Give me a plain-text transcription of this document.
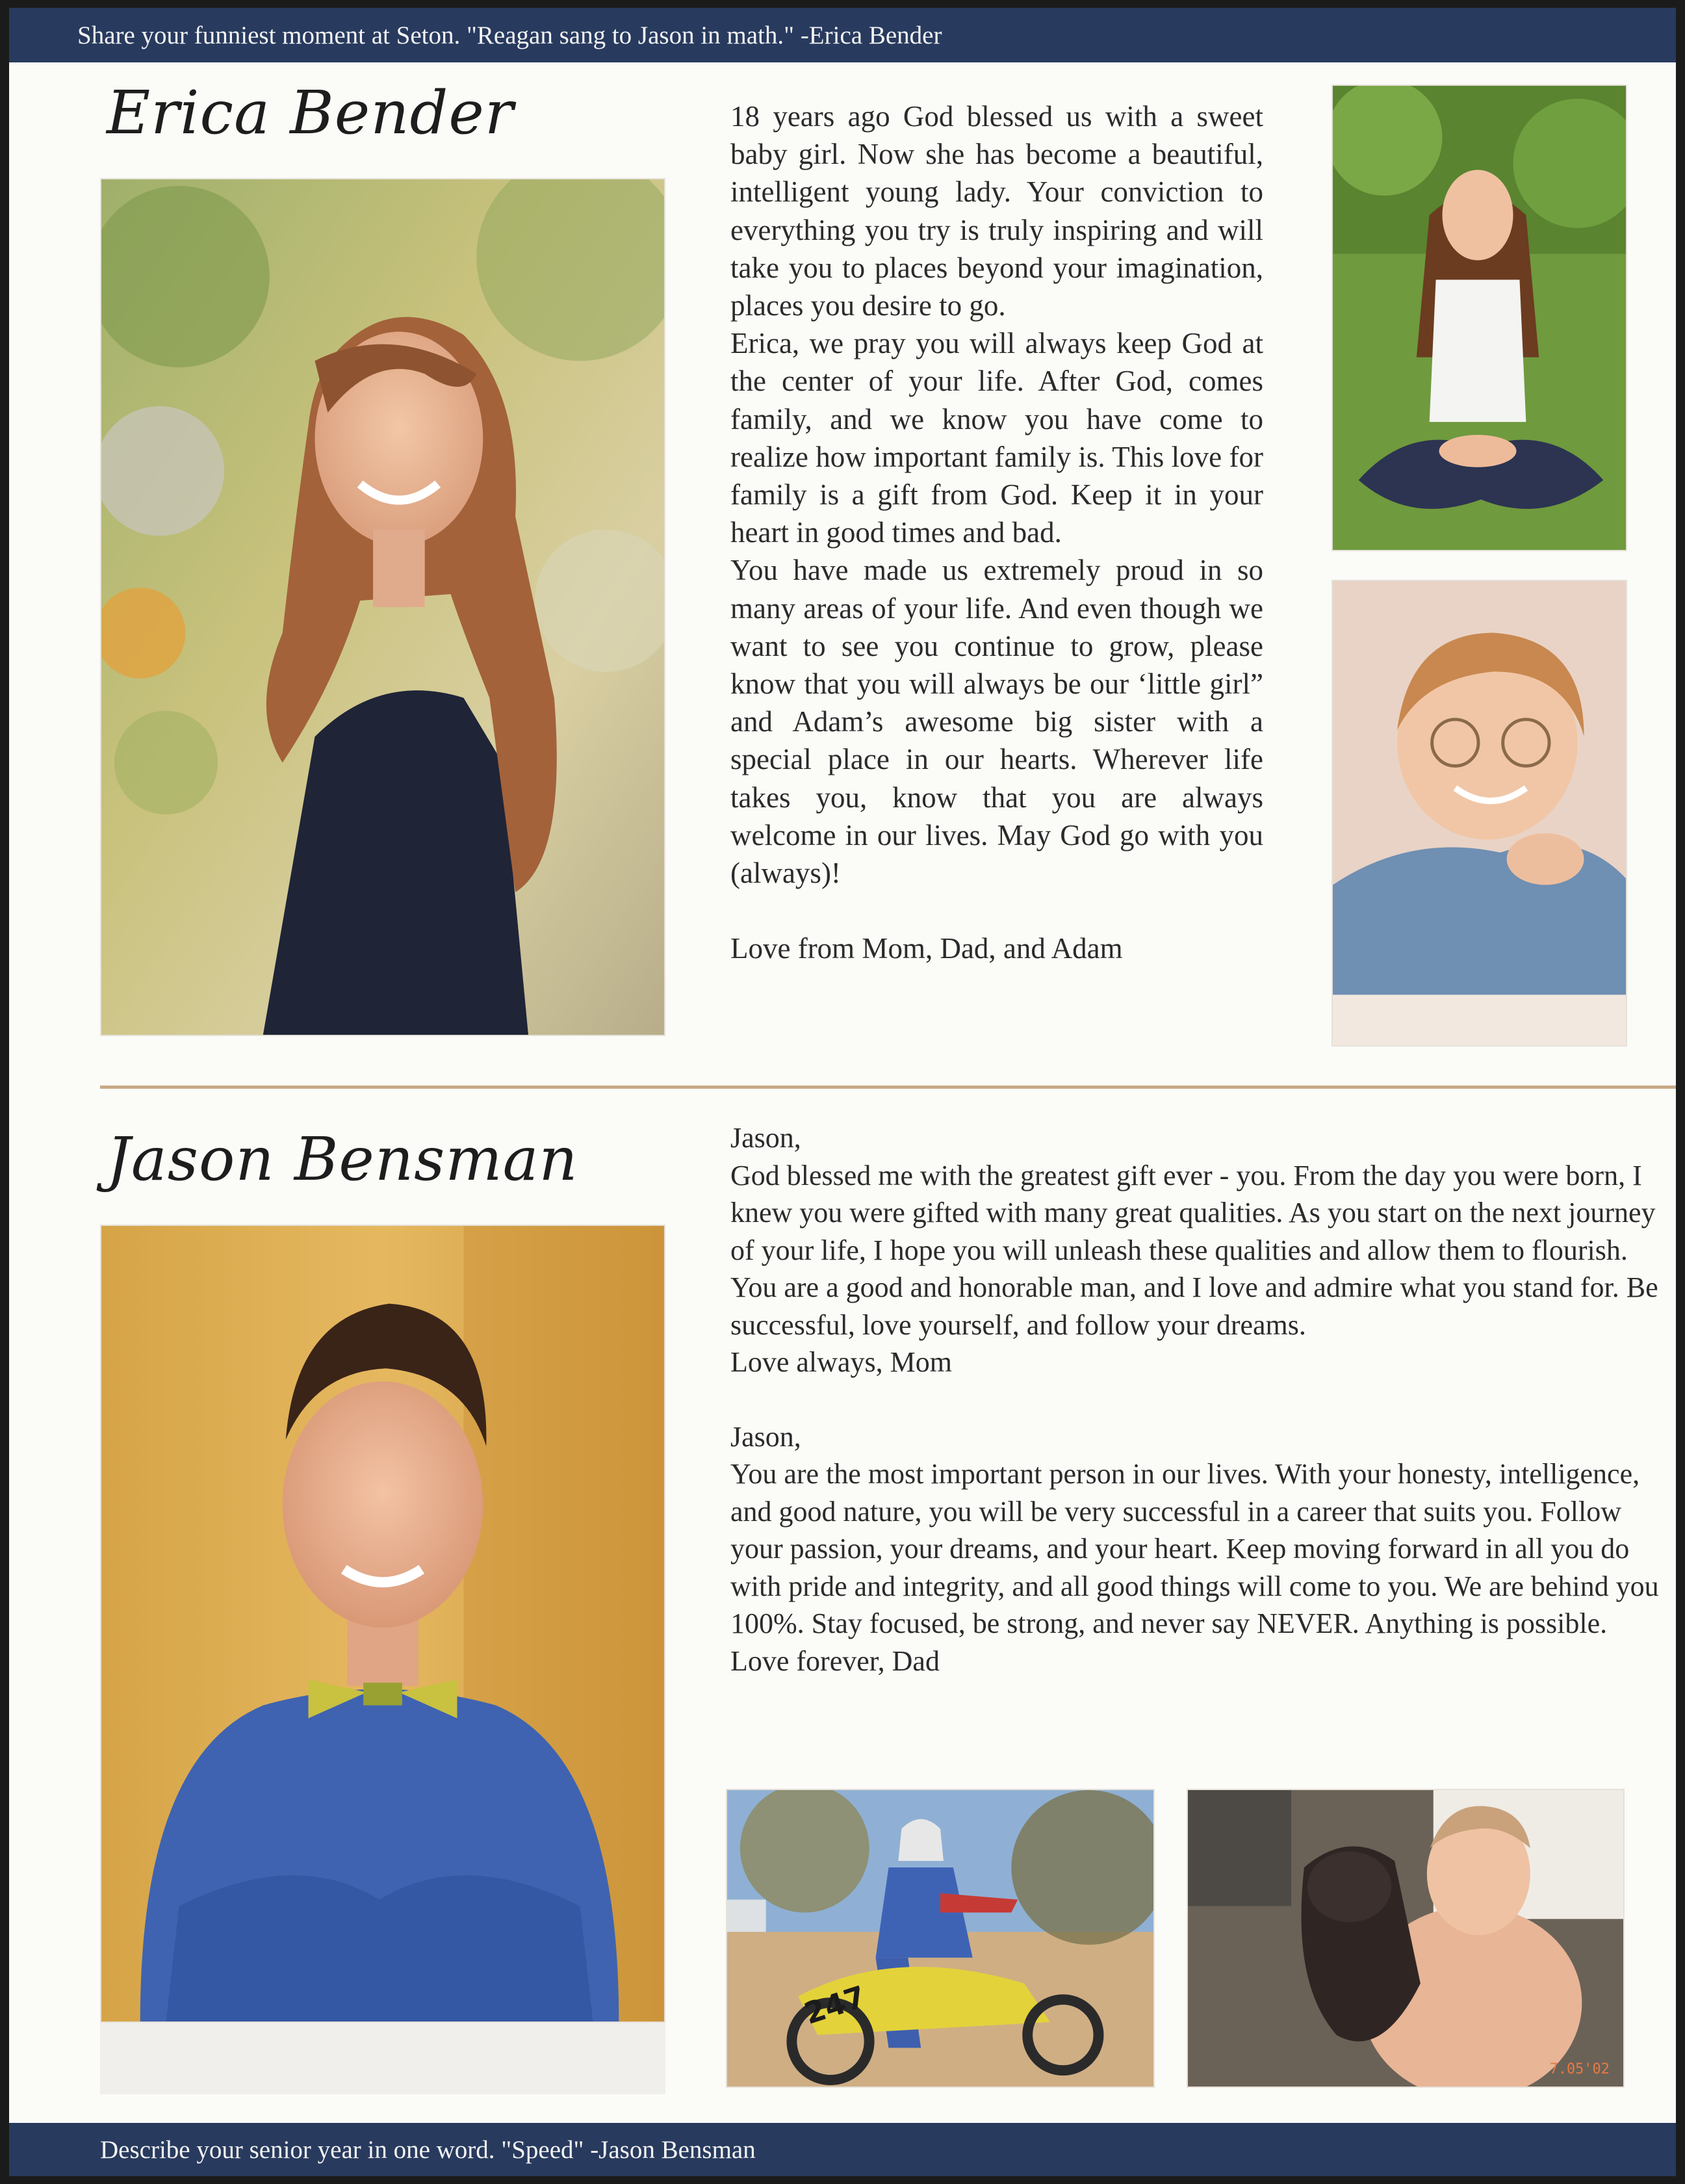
Share your funniest moment at Seton. "Reagan sang to Jason in math." -Erica Bender
Erica Bender	18 years ago God blessed us with a sweet baby girl. Now she has become a beautiful, intelligent young lady. Your conviction to everything you try is truly inspiring and will take you to places beyond your imagination, places you desire to go.

Erica, we pray you will always keep God at the center of your life. After God, comes family, and we know you have come to realize how important family is. This love for family is a gift from God. Keep it in your heart in good times and bad.

You have made us extremely proud in so many areas of your life. And even though we want to see you continue to grow, please know that you will always be our ‘little girl” and Adam’s awesome big sister with a special place in our hearts. Wherever life takes you, know that you are always welcome in our lives. May God go with you (always)!

Love from Mom, Dad, and Adam

Jason Bensman	Jason,

God blessed me with the greatest gift ever - you. From the day you were born, I knew you were gifted with many great qualities. As you start on the next journey of your life, I hope you will unleash these qualities and allow them to flourish. You are a good and honorable man, and I love and admire what you stand for. Be successful, love yourself, and follow your dreams.

Love always, Mom

Jason,

You are the most important person in our lives. With your honesty, intelligence, and good nature, you will be very successful in a career that suits you. Follow your passion, your dreams, and your heart. Keep moving forward in all you do with pride and integrity, and all good things will come to you. We are behind you 100%. Stay focused, be strong, and never say NEVER. Anything is possible.

Love forever, Dad

247
7.05'02
Describe your senior year in one word. "Speed" -Jason Bensman
